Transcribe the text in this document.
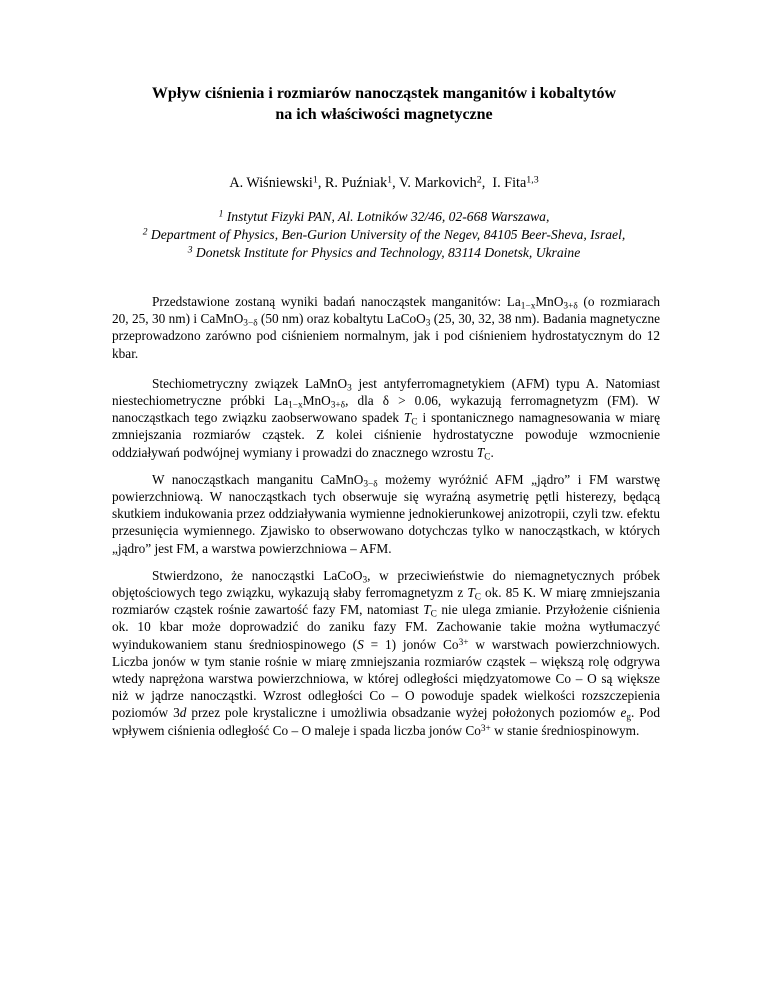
Wpływ ciśnienia i rozmiarów nanocząstek manganitów i kobaltytów
na ich właściwości magnetyczne
A. Wiśniewski$^1$, R. Puźniak$^1$, V. Markovich$^2$,  I. Fita$^{1,3}$
$^1$ Instytut Fizyki PAN, Al. Lotników 32/46, 02-668 Warszawa,
$^2$ Department of Physics, Ben-Gurion University of the Negev, 84105 Beer-Sheva, Israel,
$^3$ Donetsk Institute for Physics and Technology, 83114 Donetsk, Ukraine

Przedstawione zostaną wyniki badań nanocząstek manganitów: $La_{1-x}MnO_{3+\delta}$ (o rozmiarach 20, 25, 30 nm) i CaMnO$_{3-\delta}$ (50 nm) oraz kobaltytu LaCoO$_3$ (25, 30, 32, 38 nm). Badania magnetyczne przeprowadzono zarówno pod ciśnieniem normalnym, jak i pod ciśnieniem hydrostatycznym do 12 kbar.

Stechiometryczny związek LaMnO$_3$ jest antyferromagnetykiem (AFM) typu A. Natomiast niestechiometryczne próbki $La_{1-x}MnO_{3+\delta}$, dla δ > 0.06, wykazują ferromagnetyzm (FM). W nanocząstkach tego związku zaobserwowano spadek $T_C$ i spontanicznego namagnesowania w miarę zmniejszania rozmiarów cząstek. Z kolei ciśnienie hydrostatyczne powoduje wzmocnienie oddziaływań podwójnej wymiany i prowadzi do znacznego wzrostu $T_C$.

W nanocząstkach manganitu CaMnO$_{3-\delta}$ możemy wyróżnić AFM „jądro” i FM warstwę powierzchniową. W nanocząstkach tych obserwuje się wyraźną asymetrię pętli histerezy, będącą skutkiem indukowania przez oddziaływania wymienne jednokierunkowej anizotropii, czyli tzw. efektu przesunięcia wymiennego. Zjawisko to obserwowano dotychczas tylko w nanocząstkach, w których „jądro” jest FM, a warstwa powierzchniowa – AFM.

Stwierdzono, że nanocząstki LaCoO$_3$, w przeciwieństwie do niemagnetycznych próbek objętościowych tego związku, wykazują słaby ferromagnetyzm z $T_C$ ok. 85 K. W miarę zmniejszania rozmiarów cząstek rośnie zawartość fazy FM, natomiast $T_C$ nie ulega zmianie. Przyłożenie ciśnienia ok. 10 kbar może doprowadzić do zaniku fazy FM. Zachowanie takie można wytłumaczyć wyindukowaniem stanu średniospinowego (S = 1) jonów $Co^{3+}$ w warstwach powierzchniowych. Liczba jonów w tym stanie rośnie w miarę zmniejszania rozmiarów cząstek – większą rolę odgrywa wtedy naprężona warstwa powierzchniowa, w której odległości międzyatomowe Co – O są większe niż w jądrze nanocząstki. Wzrost odległości Co – O powoduje spadek wielkości rozszczepienia poziomów 3d przez pole krystaliczne i umożliwia obsadzanie wyżej położonych poziomów $e_g$. Pod wpływem ciśnienia odległość Co – O maleje i spada liczba jonów $Co^{3+}$ w stanie średniospinowym.
